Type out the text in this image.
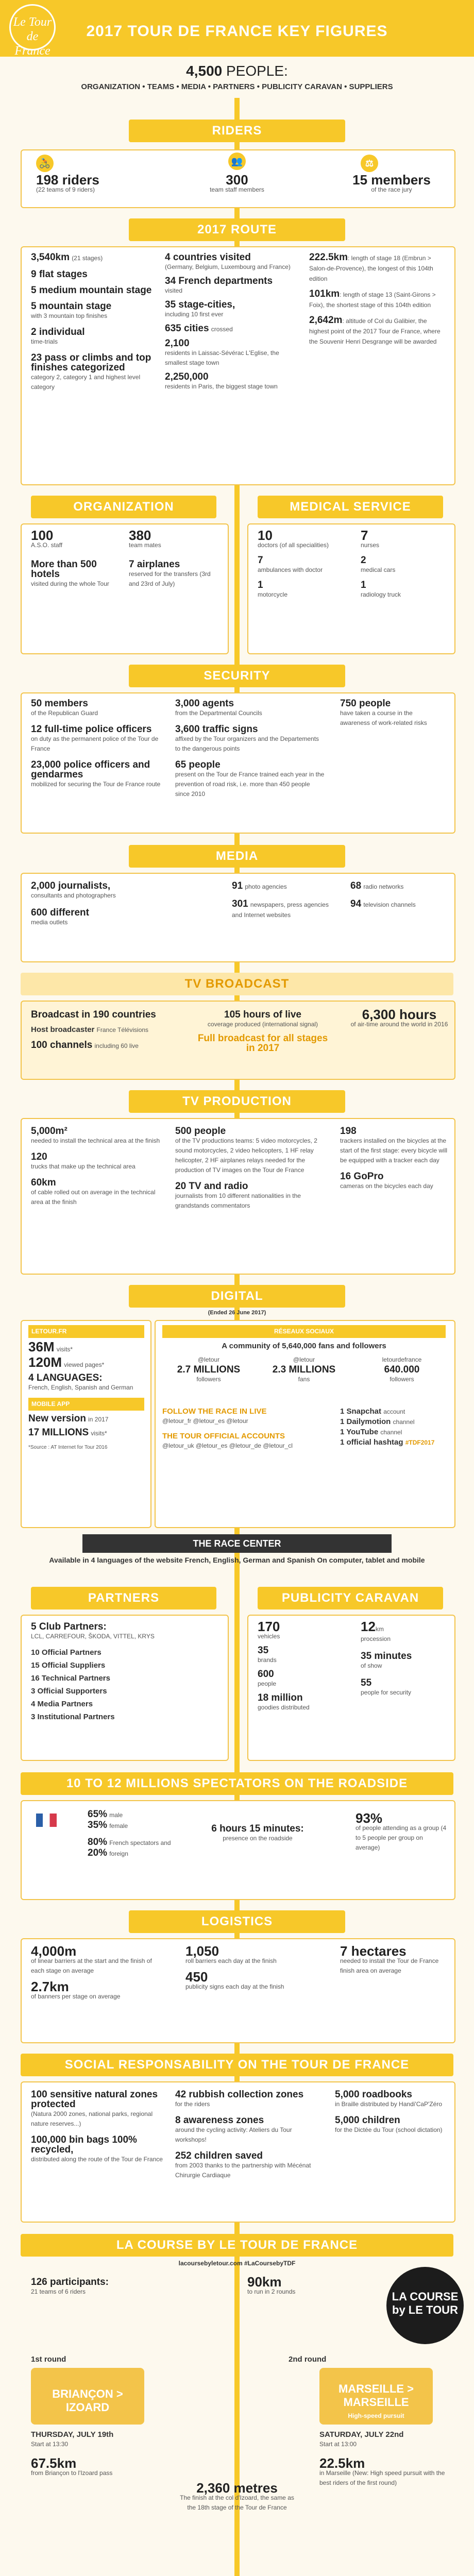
Le Tour de France
2017 TOUR DE FRANCE KEY FIGURES
4,500 PEOPLE:
ORGANIZATION • TEAMS • MEDIA • PARTNERS • PUBLICITY CARAVAN • SUPPLIERS
RIDERS
🚴
198 riders
(22 teams of 9 riders)
👥
300
team staff members
⚖
15 members
of the race jury
2017 ROUTE
3,540km (21 stages)
9 flat stages
5 medium mountain stage
5 mountain stage
with 3 mountain top finishes
2 individual
time-trials
23 pass or climbs and top finishes categorized
category 2, category 1 and highest level category
4 countries visited
(Germany, Belgium, Luxembourg and France)
34 French departments
visited
35 stage-cities,
including 10 first ever
635 cities crossed
2,100
residents in Laissac-Sévérac L'Eglise, the smallest stage town
2,250,000
residents in Paris, the biggest stage town
222.5km: length of stage 18 (Embrun > Salon-de-Provence), the longest of this 104th edition
101km: length of stage 13 (Saint-Girons > Foix), the shortest stage of this 104th edition
2,642m: altitude of Col du Galibier, the highest point of the 2017 Tour de France, where the Souvenir Henri Desgrange will be awarded
ORGANIZATION	MEDICAL SERVICE
100
A.S.O. staff
More than 500 hotels
visited during the whole Tour
380
team mates
7 airplanes
reserved for the transfers (3rd and 23rd of July)
10
doctors (of all specialities)
7
ambulances with doctor
1
motorcycle
7
nurses
2
medical cars
1
radiology truck
SECURITY
50 members
of the Republican Guard
12 full-time police officers
on duty as the permanent police of the Tour de France
23,000 police officers and gendarmes
mobilized for securing the Tour de France route
3,000 agents
from the Departmental Councils
3,600 traffic signs
affixed by the Tour organizers and the Departements to the dangerous points
65 people
present on the Tour de France trained each year in the prevention of road risk, i.e. more than 450 people since 2010
750 people
have taken a course in the awareness of work-related risks
MEDIA
2,000 journalists,
consultants and photographers
600 different
media outlets
91 photo agencies
301 newspapers, press agencies and Internet websites
68 radio networks
94 television channels
TV BROADCAST
Broadcast in 190 countries
Host broadcaster France Télévisions
100 channels including 60 live
105 hours of live
coverage produced (international signal)
Full broadcast for all stages in 2017
6,300 hours
of air-time around the world in 2016
TV PRODUCTION
5,000m²
needed to install the technical area at the finish
120
trucks that make up the technical area
60km
of cable rolled out on average in the technical area at the finish
500 people
of the TV productions teams: 5 video motorcycles, 2 sound motorcycles, 2 video helicopters, 1 HF relay helicopter, 2 HF airplanes relays needed for the production of TV images on the Tour de France
20 TV and radio
journalists from 10 different nationalities in the grandstands commentators
198
trackers installed on the bicycles at the start of the first stage: every bicycle will be equipped with a tracker each day
16 GoPro
cameras on the bicycles each day
DIGITAL
(Ended 26 June 2017)
LETOUR.FR
36M visits*
120M viewed pages*
4 LANGUAGES:
French, English, Spanish and German
MOBILE APP
New version in 2017
17 MILLIONS visits*
*Source : AT Internet for Tour 2016
RÉSEAUX SOCIAUX
A community of 5,640,000 fans and followers
@letour
2.7 MILLIONS
followers
@letour
2.3 MILLIONS
fans
letourdefrance
640.000
followers
FOLLOW THE RACE IN LIVE
@letour_fr @letour_es @letour
THE TOUR OFFICIAL ACCOUNTS
@letour_uk @letour_es @letour_de @letour_cl
1 Snapchat account
1 Dailymotion channel
1 YouTube channel
1 official hashtag #TDF2017
THE RACE CENTER
Available in 4 languages of the website French, English, German and Spanish On computer, tablet and mobile
PARTNERS	PUBLICITY CARAVAN
5 Club Partners:
LCL, CARREFOUR, ŠKODA, VITTEL, KRYS
10 Official Partners
15 Official Suppliers
16 Technical Partners
3 Official Supporters
4 Media Partners
3 Institutional Partners
170
vehicles
35
brands
600
people
18 million
goodies distributed
12km
procession
35 minutes
of show
55
people for security
10 TO 12 MILLIONS SPECTATORS ON THE ROADSIDE
65% male
35% female
80% French spectators and
20% foreign
6 hours 15 minutes:
presence on the roadside
93%
of people attending as a group (4 to 5 people per group on average)
LOGISTICS
4,000m
of linear barriers at the start and the finish of each stage on average
2.7km
of banners per stage on average
1,050
roll barriers each day at the finish
450
publicity signs each day at the finish
7 hectares
needed to install the Tour de France finish area on average
SOCIAL RESPONSABILITY ON THE TOUR DE FRANCE
100 sensitive natural zones protected
(Natura 2000 zones, national parks, regional nature reserves...)
100,000 bin bags 100% recycled,
distributed along the route of the Tour de France
42 rubbish collection zones
for the riders
8 awareness zones
around the cycling activity: Ateliers du Tour workshops!
252 children saved
from 2003 thanks to the partnership with Mécénat Chirurgie Cardiaque
5,000 roadbooks
in Braille distributed by Handi'CaP'Zéro
5,000 children
for the Dictée du Tour (school dictation)
LA COURSE BY LE TOUR DE FRANCE
lacoursebyletour.com #LaCoursebyTDF
LA COURSE by LE TOUR
126 participants:
21 teams of 6 riders
90km
to run in 2 rounds
1st round
BRIANÇON > IZOARD
THURSDAY, JULY 19th
Start at 13:30
67.5km
from Briançon to l'Izoard pass
2nd round
MARSEILLE > MARSEILLE
High-speed pursuit
SATURDAY, JULY 22nd
Start at 13:00
22.5km
in Marseille (New: High speed pursuit with the best riders of the first round)
2,360 metres
The finish at the col d'Izoard, the same as the 18th stage of the Tour de France
